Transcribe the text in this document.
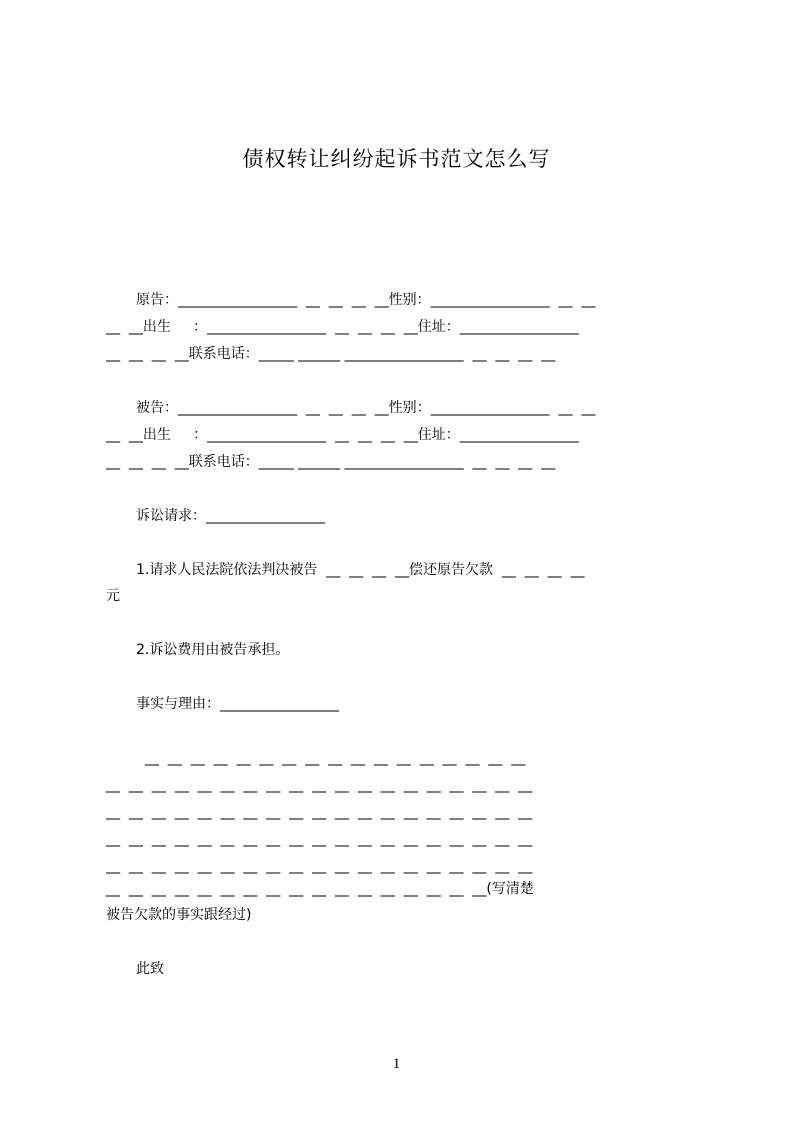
债权转让纠纷起诉书范文怎么写
原告：_________________  __  __  __  __性别：_________________  __  __
__  __出生     ：_________________  __  __  __  __住址：_________________
__  __  __  __联系电话：_____ ______ _________________  __  __  __  __
被告：_________________  __  __  __  __性别：_________________  __  __
__  __出生     ：_________________  __  __  __  __住址：_________________
__  __  __  __联系电话：_____ ______ _________________  __  __  __  __
诉讼请求：_________________
1.请求人民法院依法判决被告  __  __  __  __偿还原告欠款  __  __  __  __
元
2.诉讼费用由被告承担。
事实与理由：_________________
__  __  __  __  __  __  __  __  __  __  __  __  __  __  __  __  __
__  __  __  __  __  __  __  __  __  __  __  __  __  __  __  __  __  __  __
__  __  __  __  __  __  __  __  __  __  __  __  __  __  __  __  __  __  __
__  __  __  __  __  __  __  __  __  __  __  __  __  __  __  __  __  __  __
__  __  __  __  __  __  __  __  __  __  __  __  __  __  __  __  __  __  __
__  __  __  __  __  __  __  __  __  __  __  __  __  __  __  __  __(写清楚
被告欠款的事实跟经过)
此致
1
